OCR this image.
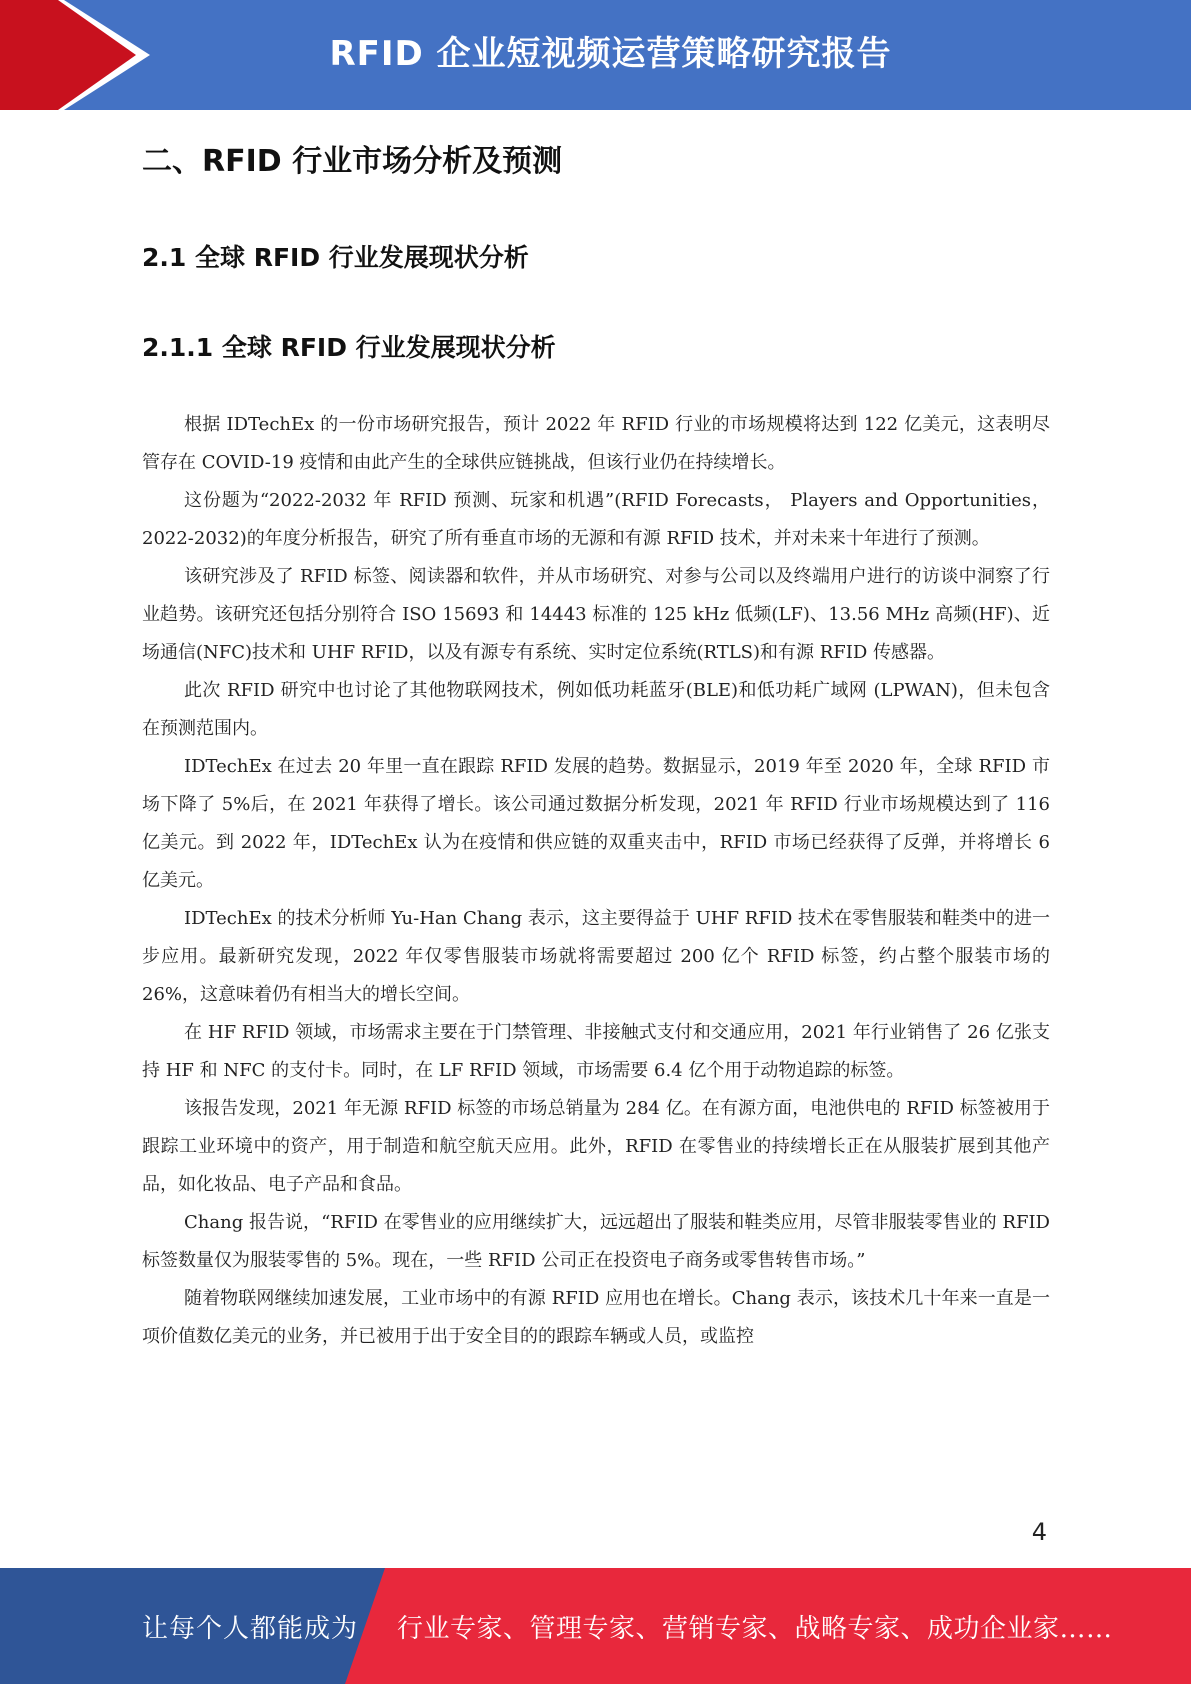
RFID 企业短视频运营策略研究报告
二、RFID 行业市场分析及预测
2.1 全球 RFID 行业发展现状分析
2.1.1 全球 RFID 行业发展现状分析

根据 IDTechEx 的一份市场研究报告，预计 2022 年 RFID 行业的市场规模将达到 122 亿美元，这表明尽管存在 COVID-19 疫情和由此产生的全球供应链挑战，但该行业仍在持续增长。

这份题为“2022-2032 年 RFID 预测、玩家和机遇”(RFID Forecasts， Players and Opportunities， 2022-2032)的年度分析报告，研究了所有垂直市场的无源和有源 RFID 技术，并对未来十年进行了预测。

该研究涉及了 RFID 标签、阅读器和软件，并从市场研究、对参与公司以及终端用户进行的访谈中洞察了行业趋势。该研究还包括分别符合 ISO 15693 和 14443 标准的 125 kHz 低频(LF)、13.56 MHz 高频(HF)、近场通信(NFC)技术和 UHF RFID，以及有源专有系统、实时定位系统(RTLS)和有源 RFID 传感器。

此次 RFID 研究中也讨论了其他物联网技术，例如低功耗蓝牙(BLE)和低功耗广域网 (LPWAN)，但未包含在预测范围内。

IDTechEx 在过去 20 年里一直在跟踪 RFID 发展的趋势。数据显示，2019 年至 2020 年，全球 RFID 市场下降了 5%后，在 2021 年获得了增长。该公司通过数据分析发现，2021 年 RFID 行业市场规模达到了 116 亿美元。到 2022 年，IDTechEx 认为在疫情和供应链的双重夹击中，RFID 市场已经获得了反弹，并将增长 6 亿美元。

IDTechEx 的技术分析师 Yu-Han Chang 表示，这主要得益于 UHF RFID 技术在零售服装和鞋类中的进一步应用。最新研究发现，2022 年仅零售服装市场就将需要超过 200 亿个 RFID 标签，约占整个服装市场的 26%，这意味着仍有相当大的增长空间。

在 HF RFID 领域，市场需求主要在于门禁管理、非接触式支付和交通应用，2021 年行业销售了 26 亿张支持 HF 和 NFC 的支付卡。同时，在 LF RFID 领域，市场需要 6.4 亿个用于动物追踪的标签。

该报告发现，2021 年无源 RFID 标签的市场总销量为 284 亿。在有源方面，电池供电的 RFID 标签被用于跟踪工业环境中的资产，用于制造和航空航天应用。此外，RFID 在零售业的持续增长正在从服装扩展到其他产品，如化妆品、电子产品和食品。

Chang 报告说，“RFID 在零售业的应用继续扩大，远远超出了服装和鞋类应用，尽管非服装零售业的 RFID 标签数量仅为服装零售的 5%。现在，一些 RFID 公司正在投资电子商务或零售转售市场。”

随着物联网继续加速发展，工业市场中的有源 RFID 应用也在增长。Chang 表示，该技术几十年来一直是一项价值数亿美元的业务，并已被用于出于安全目的的跟踪车辆或人员，或监控

4
让每个人都能成为 行业专家、管理专家、营销专家、战略专家、成功企业家……
